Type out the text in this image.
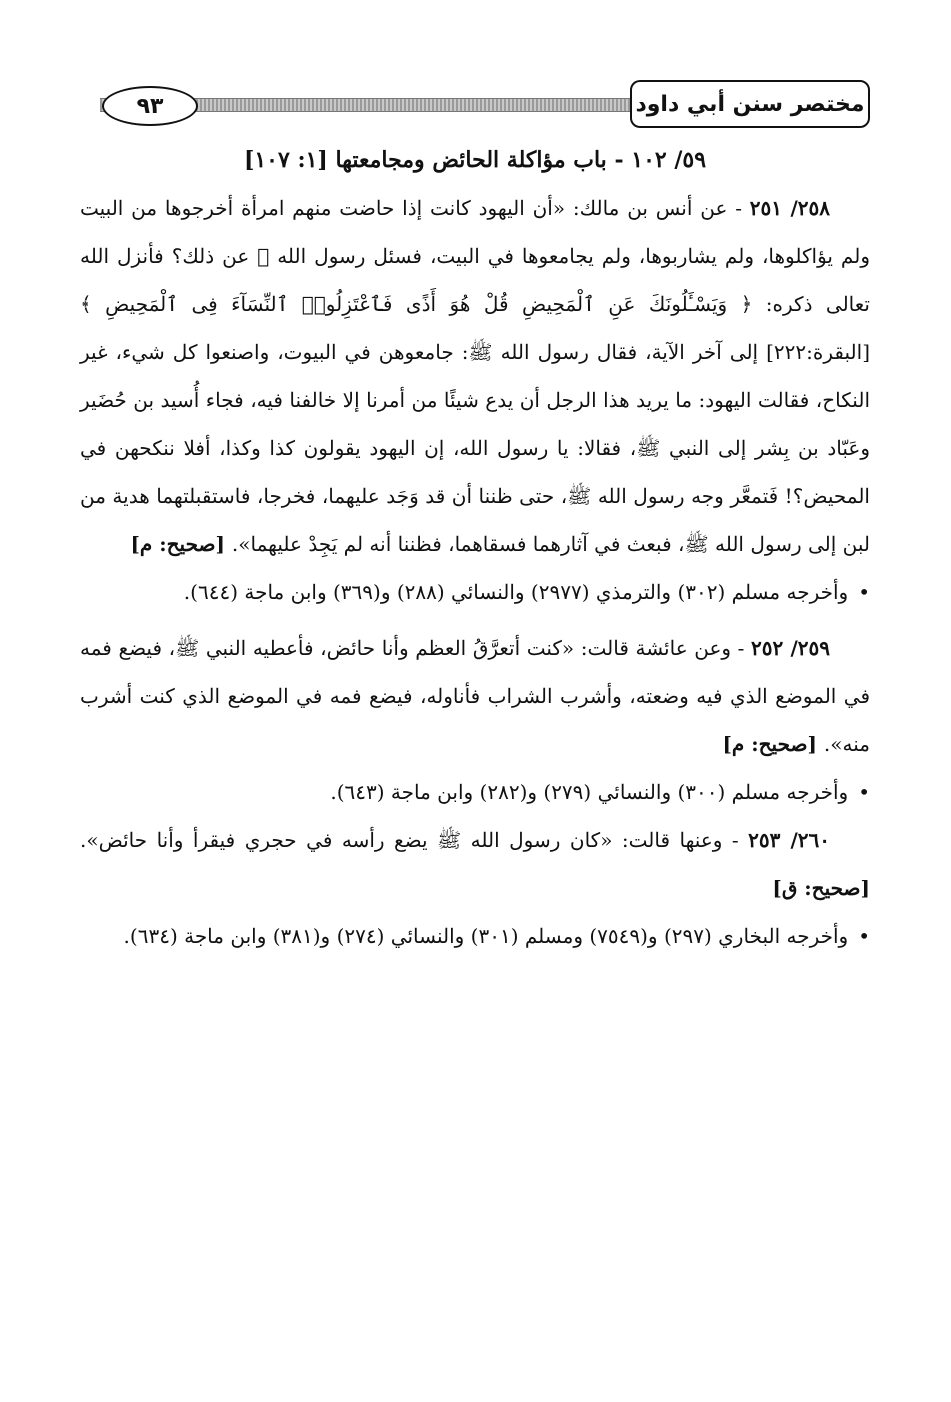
٩٣	مختصر سنن أبي داود
٥٩/ ١٠٢ - باب مؤاكلة الحائض ومجامعتها [١: ١٠٧]

٢٥٨/ ٢٥١ - عن أنس بن مالك: «أن اليهود كانت إذا حاضت منهم امرأة أخرجوها من البيت ولم يؤاكلوها، ولم يشاربوها، ولم يجامعوها في البيت، فسئل رسول الله ﷺ عن ذلك؟ فأنزل الله تعالى ذكره: ﴿ وَيَسْـَٔلُونَكَ عَنِ ٱلْمَحِيضِ قُلْ هُوَ أَذًى فَٱعْتَزِلُوا۟ ٱلنِّسَآءَ فِى ٱلْمَحِيضِ ﴾ [البقرة:٢٢٢] إلى آخر الآية، فقال رسول الله ﷺ: جامعوهن في البيوت، واصنعوا كل شيء، غير النكاح، فقالت اليهود: ما يريد هذا الرجل أن يدع شيئًا من أمرنا إلا خالفنا فيه، فجاء أُسيد بن حُضَير وعَبّاد بن بِشر إلى النبي ﷺ، فقالا: يا رسول الله، إن اليهود يقولون كذا وكذا، أفلا ننكحهن في المحيض؟! فَتمعَّر وجه رسول الله ﷺ، حتى ظننا أن قد وَجَد عليهما، فخرجا، فاستقبلتهما هدية من لبن إلى رسول الله ﷺ، فبعث في آثارهما فسقاهما، فظننا أنه لم يَجِدْ عليهما». [صحيح: م]

• وأخرجه مسلم (٣٠٢) والترمذي (٢٩٧٧) والنسائي (٢٨٨) و(٣٦٩) وابن ماجة (٦٤٤).

٢٥٩/ ٢٥٢ - وعن عائشة قالت: «كنت أتعرَّقُ العظم وأنا حائض، فأعطيه النبي ﷺ، فيضع فمه في الموضع الذي فيه وضعته، وأشرب الشراب فأناوله، فيضع فمه في الموضع الذي كنت أشرب منه». [صحيح: م]

• وأخرجه مسلم (٣٠٠) والنسائي (٢٧٩) و(٢٨٢) وابن ماجة (٦٤٣).

٢٦٠/ ٢٥٣ - وعنها قالت: «كان رسول الله ﷺ يضع رأسه في حجري فيقرأ وأنا حائض». [صحيح: ق]

• وأخرجه البخاري (٢٩٧) و(٧٥٤٩) ومسلم (٣٠١) والنسائي (٢٧٤) و(٣٨١) وابن ماجة (٦٣٤).
